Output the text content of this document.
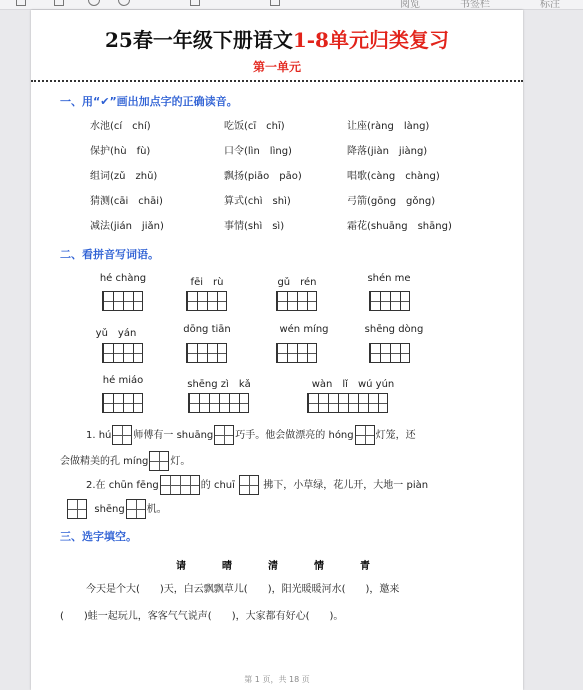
阅览	书签栏	标注
25春一年级下册语文1-8单元归类复习
第一单元
一、用“✔”画出加点字的正确读音。
水池(cí　chí)	吃饭(cī　chī)	让座(ràng　làng)
保护(hù　fù)	口令(lìn　lìng)	降落(jiàn　jiàng)
组词(zǔ　zhǔ)	飘扬(piāo　pāo)	唱歌(càng　chàng)
猜测(cāi　chāi)	算式(chì　shì)	弓箭(gōng　gǒng)
减法(jián　jiǎn)	事情(shì　sì)	霜花(shuāng　shāng)
二、看拼音写词语。
hé chàng	fēi　rù	gǔ　rén	shén me
yǔ　yán	dōng tiān	wén míng	shēng dòng
hé miáo	shēng zì　kǎ	wàn　lǐ　wú yún
1. hú 师傅有一 shuāng 巧手。他会做漂亮的 hóng 灯笼，还
会做精美的孔 míng 灯。
2.在 chūn fēng	的 chuī	拂下，小草绿，花儿开，大地一 piàn
shēng 机。
三、选字填空。
请	晴	清	情	青
今天是个大(　　)天，白云飘飘草儿(　　)，阳光暖暖河水(　　)，邀来
(　　)蛙一起玩儿，客客气气说声(　　)，大家都有好心(　　)。
第 1 页，共 18 页
